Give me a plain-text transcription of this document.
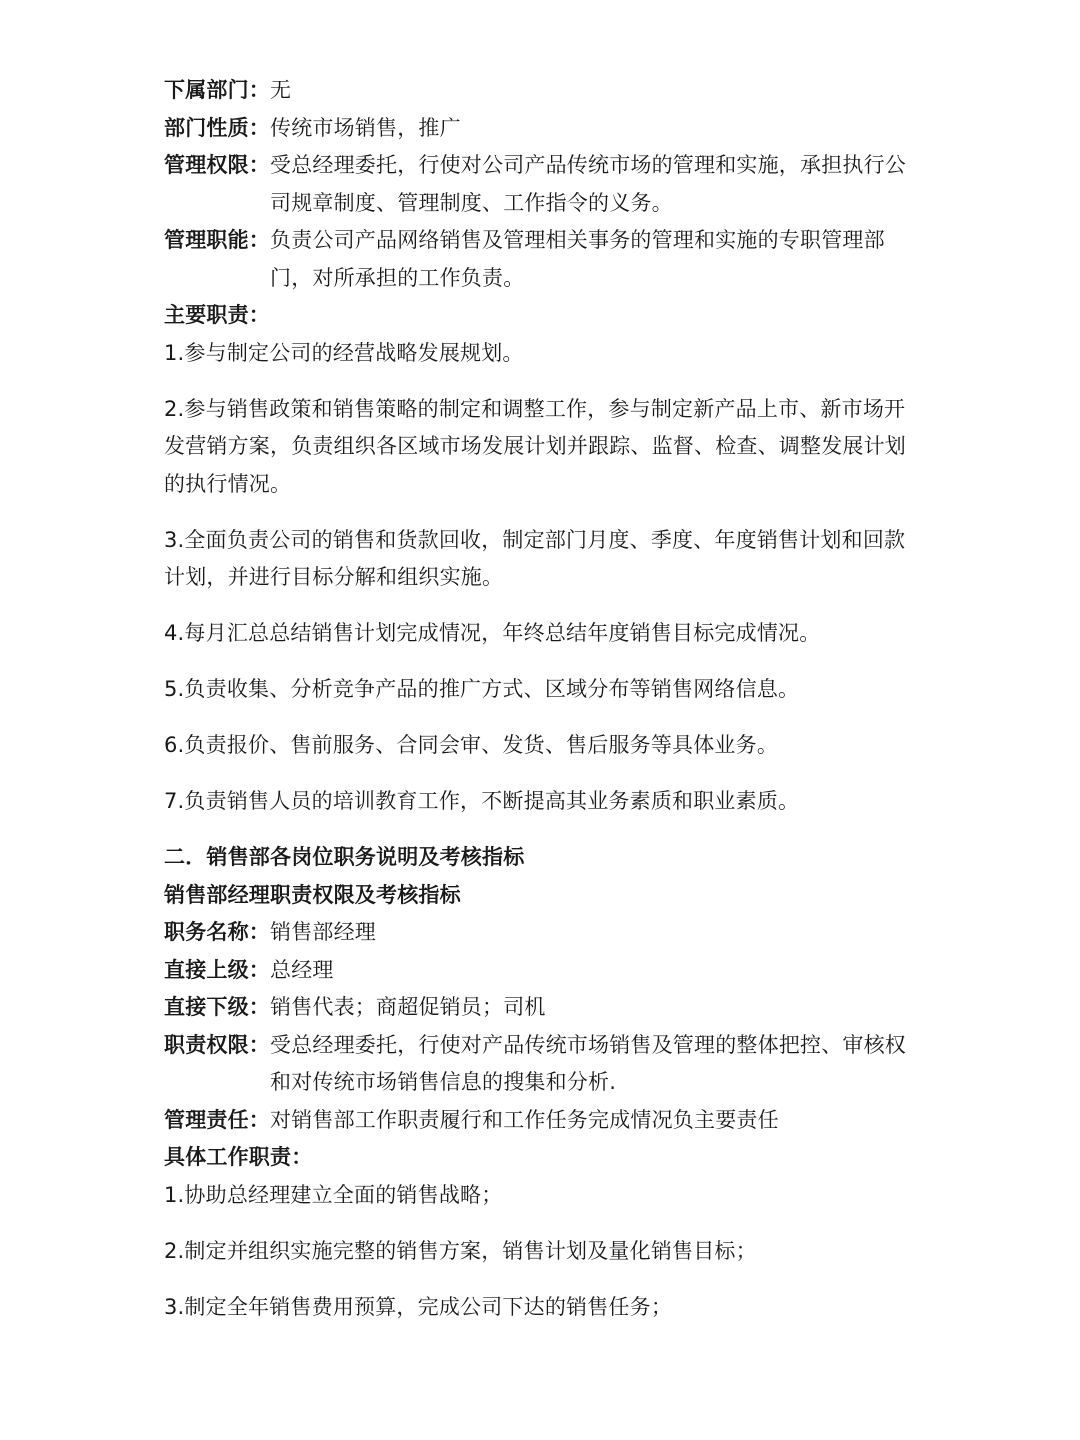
下属部门： 无
部门性质： 传统市场销售，推广
管理权限： 受总经理委托，行使对公司产品传统市场的管理和实施，承担执行公司规章制度、管理制度、工作指令的义务。
管理职能： 负责公司产品网络销售及管理相关事务的管理和实施的专职管理部门，对所承担的工作负责。
主要职责：

1.参与制定公司的经营战略发展规划。

2.参与销售政策和销售策略的制定和调整工作，参与制定新产品上市、新市场开发营销方案，负责组织各区域市场发展计划并跟踪、监督、检查、调整发展计划的执行情况。

3.全面负责公司的销售和货款回收，制定部门月度、季度、年度销售计划和回款计划，并进行目标分解和组织实施。

4.每月汇总总结销售计划完成情况，年终总结年度销售目标完成情况。

5.负责收集、分析竞争产品的推广方式、区域分布等销售网络信息。

6.负责报价、售前服务、合同会审、发货、售后服务等具体业务。

7.负责销售人员的培训教育工作，不断提高其业务素质和职业素质。

二．销售部各岗位职务说明及考核指标
销售部经理职责权限及考核指标
职务名称： 销售部经理
直接上级： 总经理
直接下级： 销售代表；商超促销员；司机
职责权限： 受总经理委托，行使对产品传统市场销售及管理的整体把控、审核权和对传统市场销售信息的搜集和分析.
管理责任： 对销售部工作职责履行和工作任务完成情况负主要责任
具体工作职责：

1.协助总经理建立全面的销售战略；

2.制定并组织实施完整的销售方案，销售计划及量化销售目标；

3.制定全年销售费用预算，完成公司下达的销售任务；
